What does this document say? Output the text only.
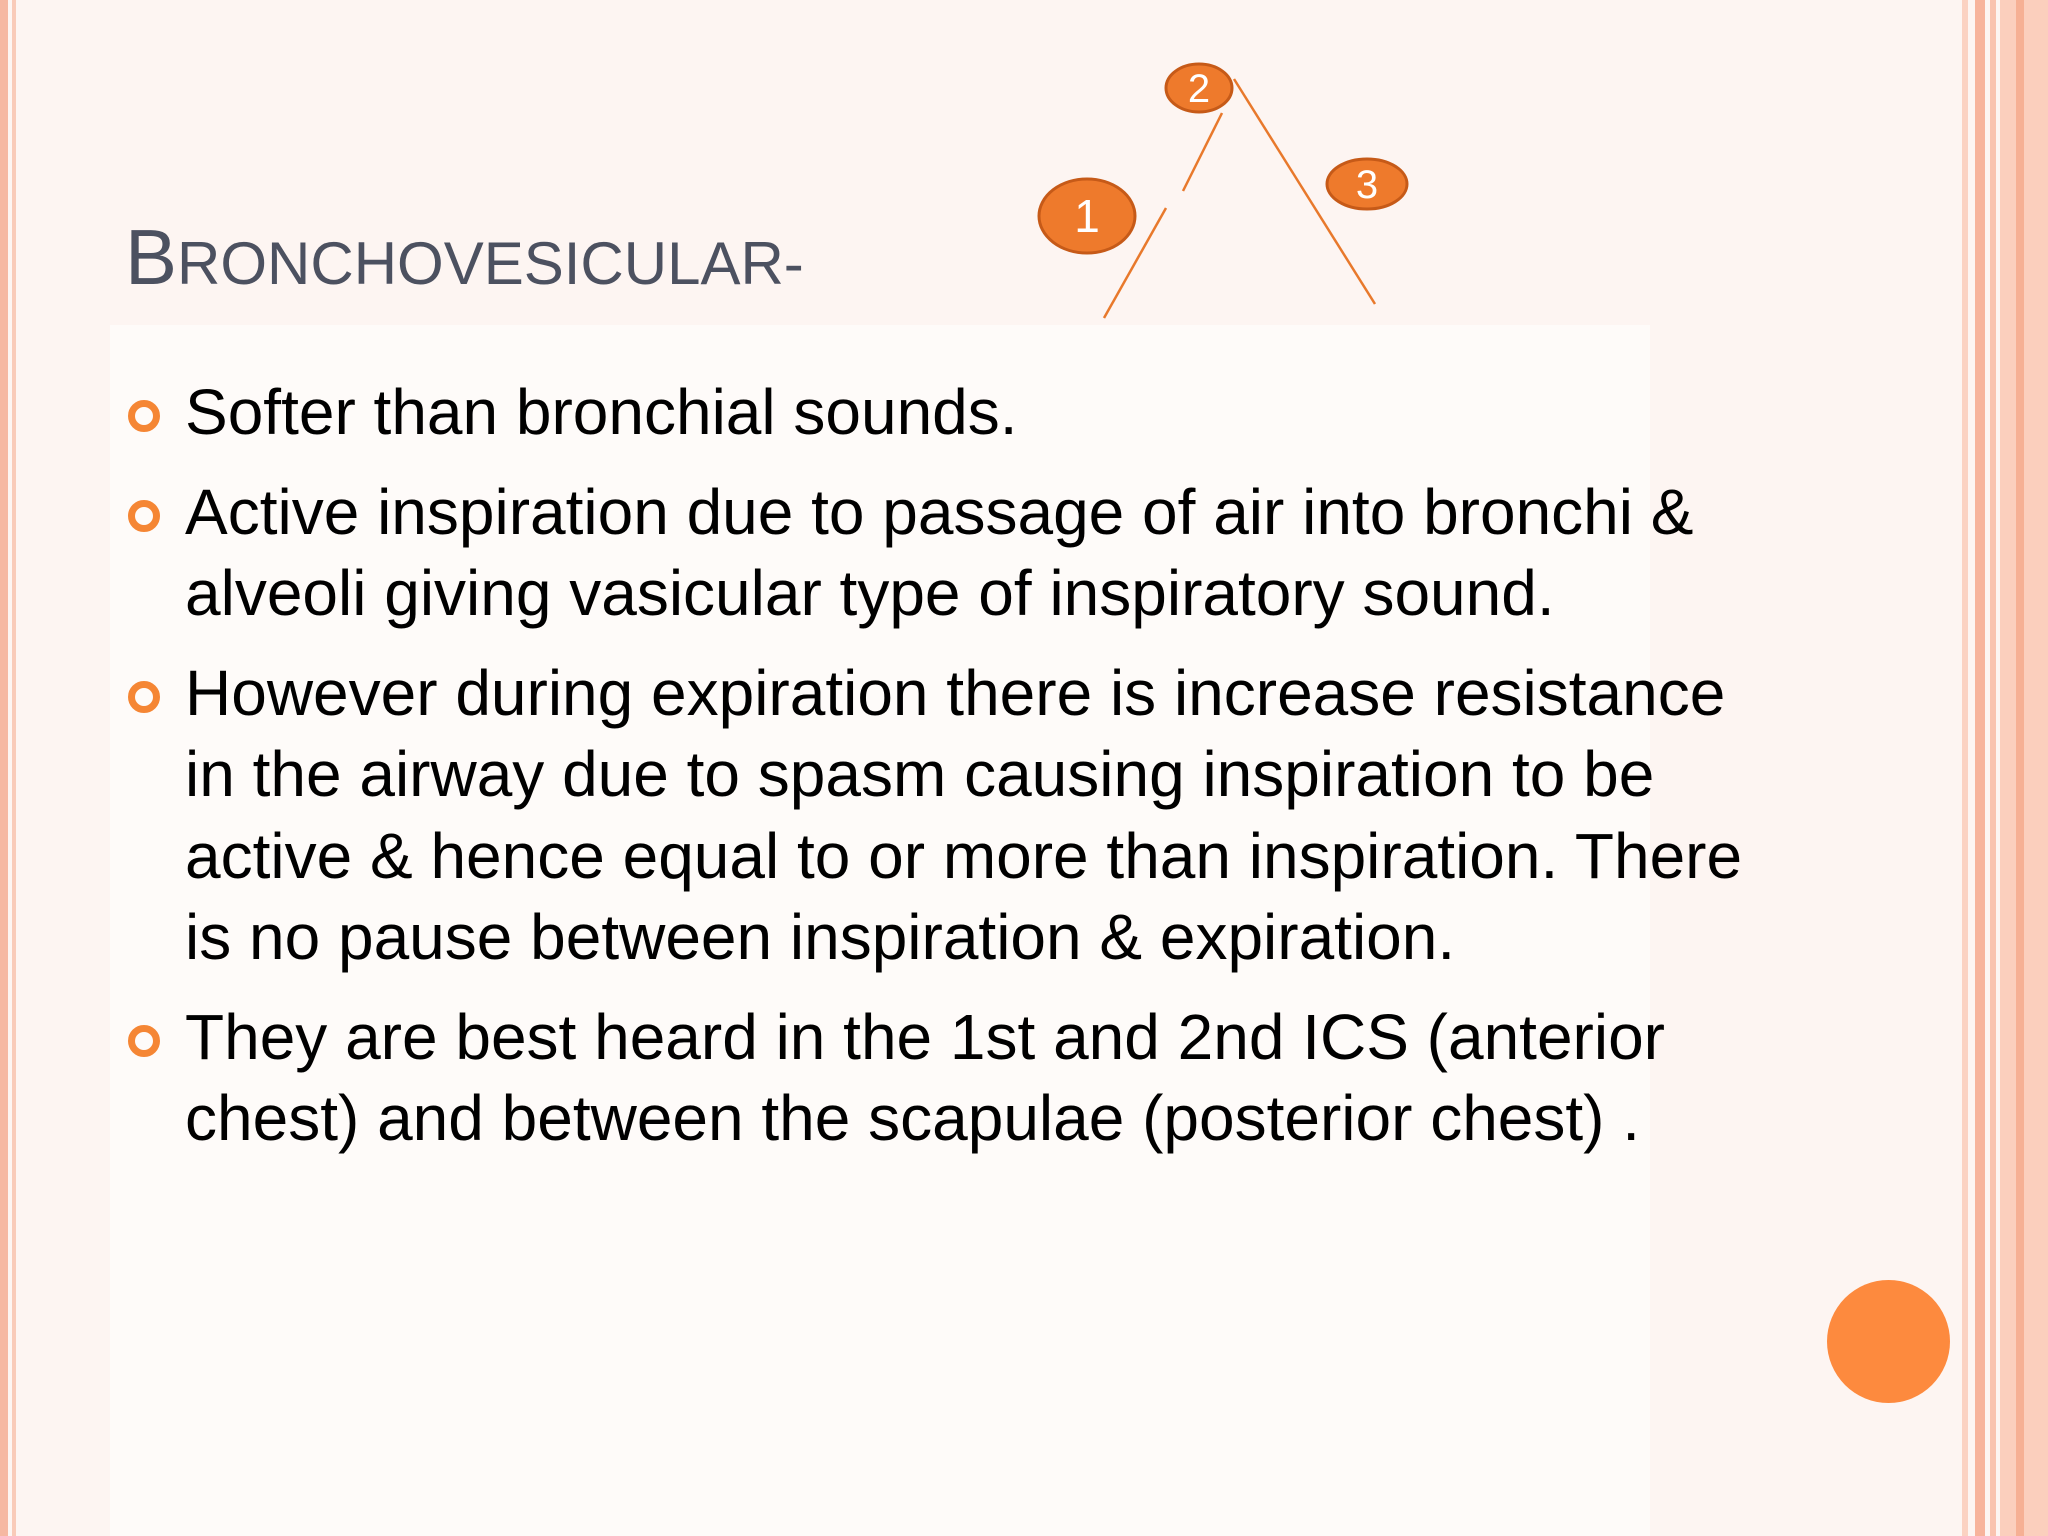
BRONCHOVESICULAR-
1
2
3
Softer than bronchial sounds.
Active inspiration due to passage of air into bronchi & alveoli giving vasicular type of inspiratory sound.
However during expiration there is increase resistance in the airway due to spasm causing inspiration to be active & hence equal to or more than inspiration. There is no pause between inspiration & expiration.
They are best heard in the 1st and 2nd ICS (anterior chest) and between the scapulae (posterior chest) .
